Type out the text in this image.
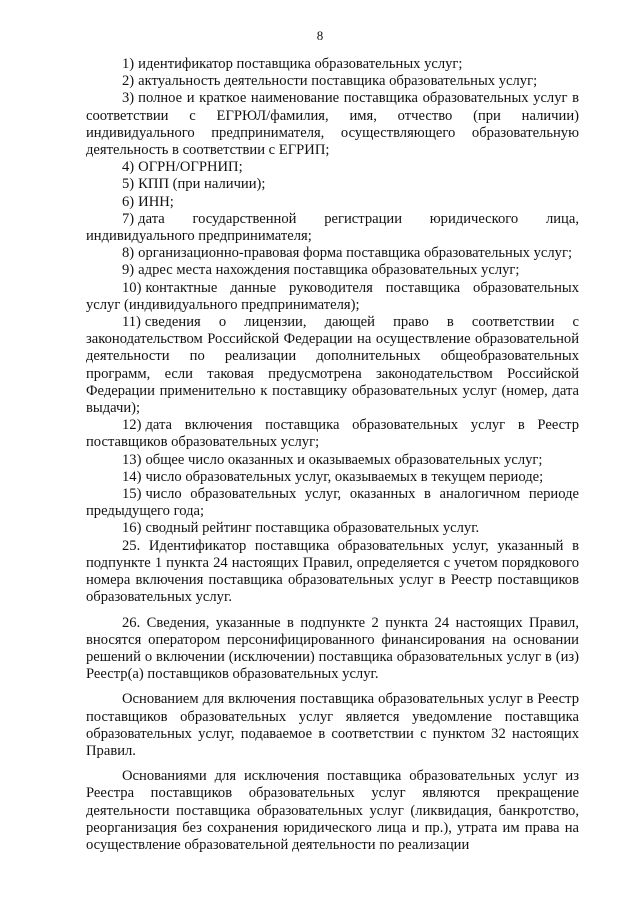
8

1) идентификатор поставщика образовательных услуг;

2) актуальность деятельности поставщика образовательных услуг;

3) полное и краткое наименование поставщика образовательных услуг в соответствии с ЕГРЮЛ/фамилия, имя, отчество (при наличии) индивидуального предпринимателя, осуществляющего образовательную деятельность в соответствии с ЕГРИП;

4) ОГРН/ОГРНИП;

5) КПП (при наличии);

6) ИНН;

7) дата государственной регистрации юридического лица, индивидуального предпринимателя;

8) организационно-правовая форма поставщика образовательных услуг;

9) адрес места нахождения поставщика образовательных услуг;

10) контактные данные руководителя поставщика образовательных услуг (индивидуального предпринимателя);

11) сведения о лицензии, дающей право в соответствии с законодательством Российской Федерации на осуществление образовательной деятельности по реализации дополнительных общеобразовательных программ, если таковая предусмотрена законодательством Российской Федерации применительно к поставщику образовательных услуг (номер, дата выдачи);

12) дата включения поставщика образовательных услуг в Реестр поставщиков образовательных услуг;

13) общее число оказанных и оказываемых образовательных услуг;

14) число образовательных услуг, оказываемых в текущем периоде;

15) число образовательных услуг, оказанных в аналогичном периоде предыдущего года;

16) сводный рейтинг поставщика образовательных услуг.

25. Идентификатор поставщика образовательных услуг, указанный в подпункте 1 пункта 24 настоящих Правил, определяется с учетом порядкового номера включения поставщика образовательных услуг в Реестр поставщиков образовательных услуг.

26. Сведения, указанные в подпункте 2 пункта 24 настоящих Правил, вносятся оператором персонифицированного финансирования на основании решений о включении (исключении) поставщика образовательных услуг в (из) Реестр(а) поставщиков образовательных услуг.

Основанием для включения поставщика образовательных услуг в Реестр поставщиков образовательных услуг является уведомление поставщика образовательных услуг, подаваемое в соответствии с пунктом 32 настоящих Правил.

Основаниями для исключения поставщика образовательных услуг из Реестра поставщиков образовательных услуг являются прекращение деятельности поставщика образовательных услуг (ликвидация, банкротство, реорганизация без сохранения юридического лица и пр.), утрата им права на осуществление образовательной деятельности по реализации
